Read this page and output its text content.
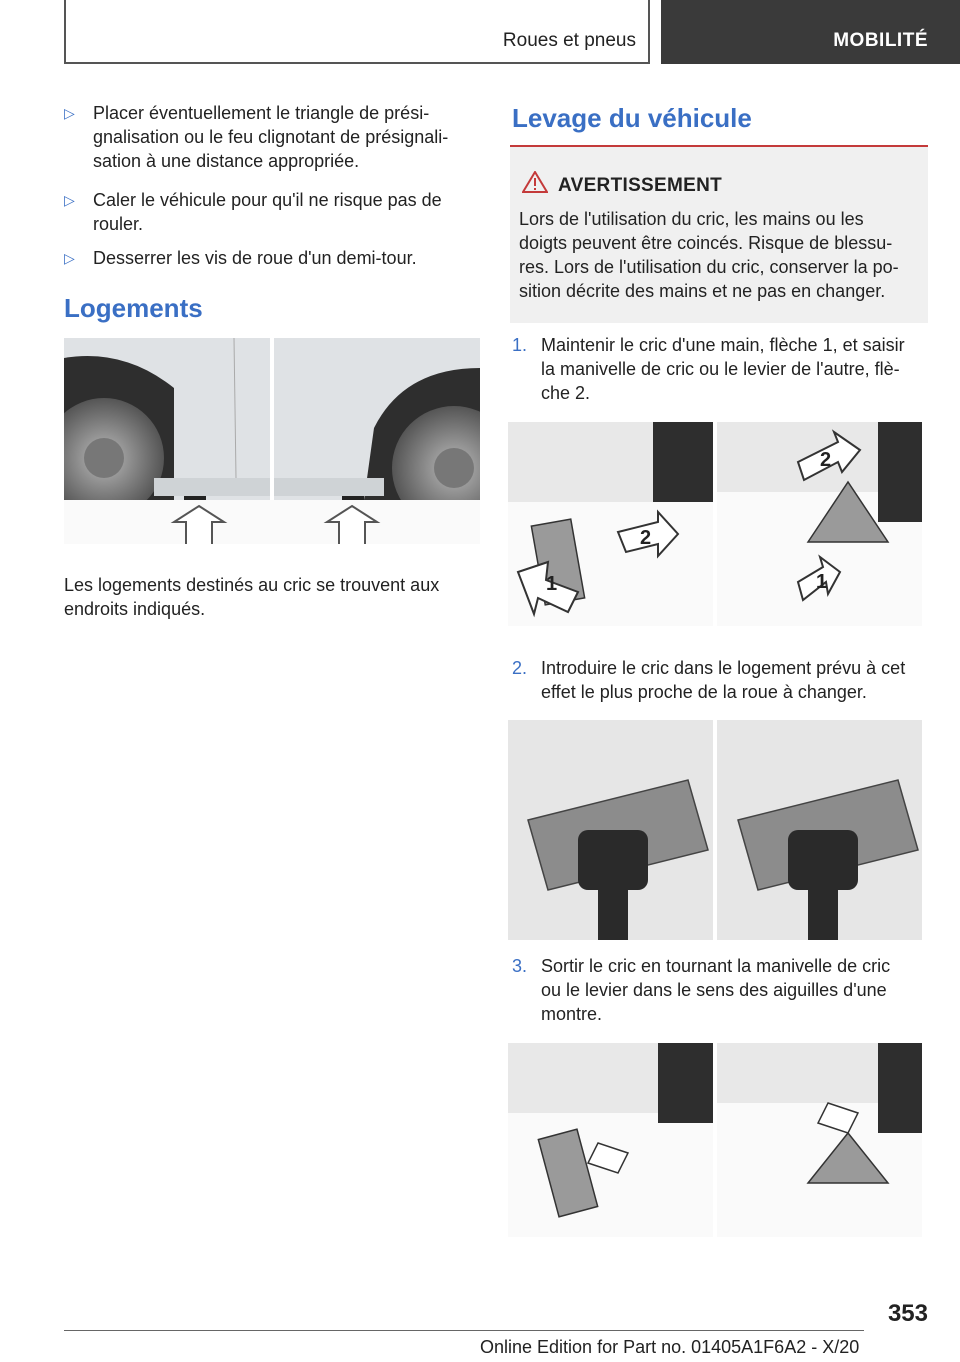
Roues et pneus	MOBILITÉ
▷ Placer éventuellement le triangle de prési‐
gnalisation ou le feu clignotant de présignali‐
sation à une distance appropriée.
▷ Caler le véhicule pour qu'il ne risque pas de
rouler.
▷ Desserrer les vis de roue d'un demi-tour.
Logements
Les logements destinés au cric se trouvent aux
endroits indiqués.
Levage du véhicule
AVERTISSEMENT
Lors de l'utilisation du cric, les mains ou les
doigts peuvent être coincés. Risque de blessu‐
res. Lors de l'utilisation du cric, conserver la po‐
sition décrite des mains et ne pas en changer.
1. Maintenir le cric d'une main, flèche 1, et saisir
la manivelle de cric ou le levier de l'autre, flè‐
che 2.
1
2
2
1
2. Introduire le cric dans le logement prévu à cet
effet le plus proche de la roue à changer.
3. Sortir le cric en tournant la manivelle de cric
ou le levier dans le sens des aiguilles d'une
montre.
353
Online Edition for Part no. 01405A1F6A2 - X/20
